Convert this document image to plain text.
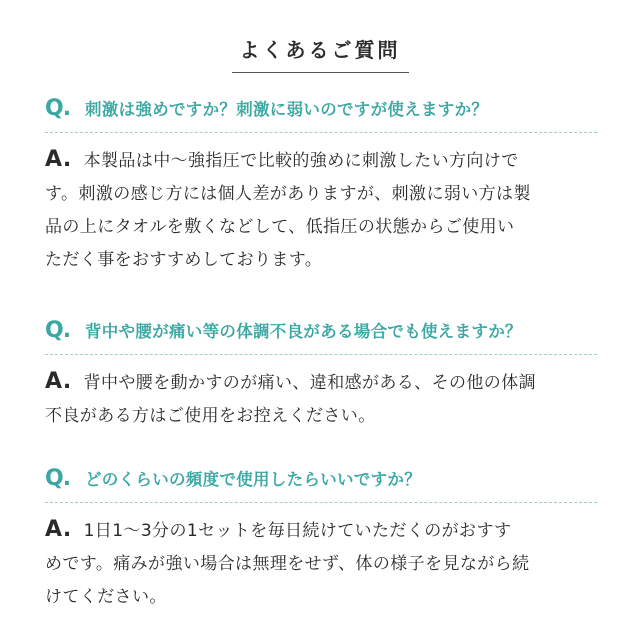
よくあるご質問
Q. 刺激は強めですか？刺激に弱いのですが使えますか？
A. 本製品は中〜強指圧で比較的強めに刺激したい方向けで
す。刺激の感じ方には個人差がありますが、刺激に弱い方は製
品の上にタオルを敷くなどして、低指圧の状態からご使用い
ただく事をおすすめしております。
Q. 背中や腰が痛い等の体調不良がある場合でも使えますか？
A. 背中や腰を動かすのが痛い、違和感がある、その他の体調
不良がある方はご使用をお控えください。
Q. どのくらいの頻度で使用したらいいですか？
A. 1日1〜3分の1セットを毎日続けていただくのがおすす
めです。痛みが強い場合は無理をせず、体の様子を見ながら続
けてください。
